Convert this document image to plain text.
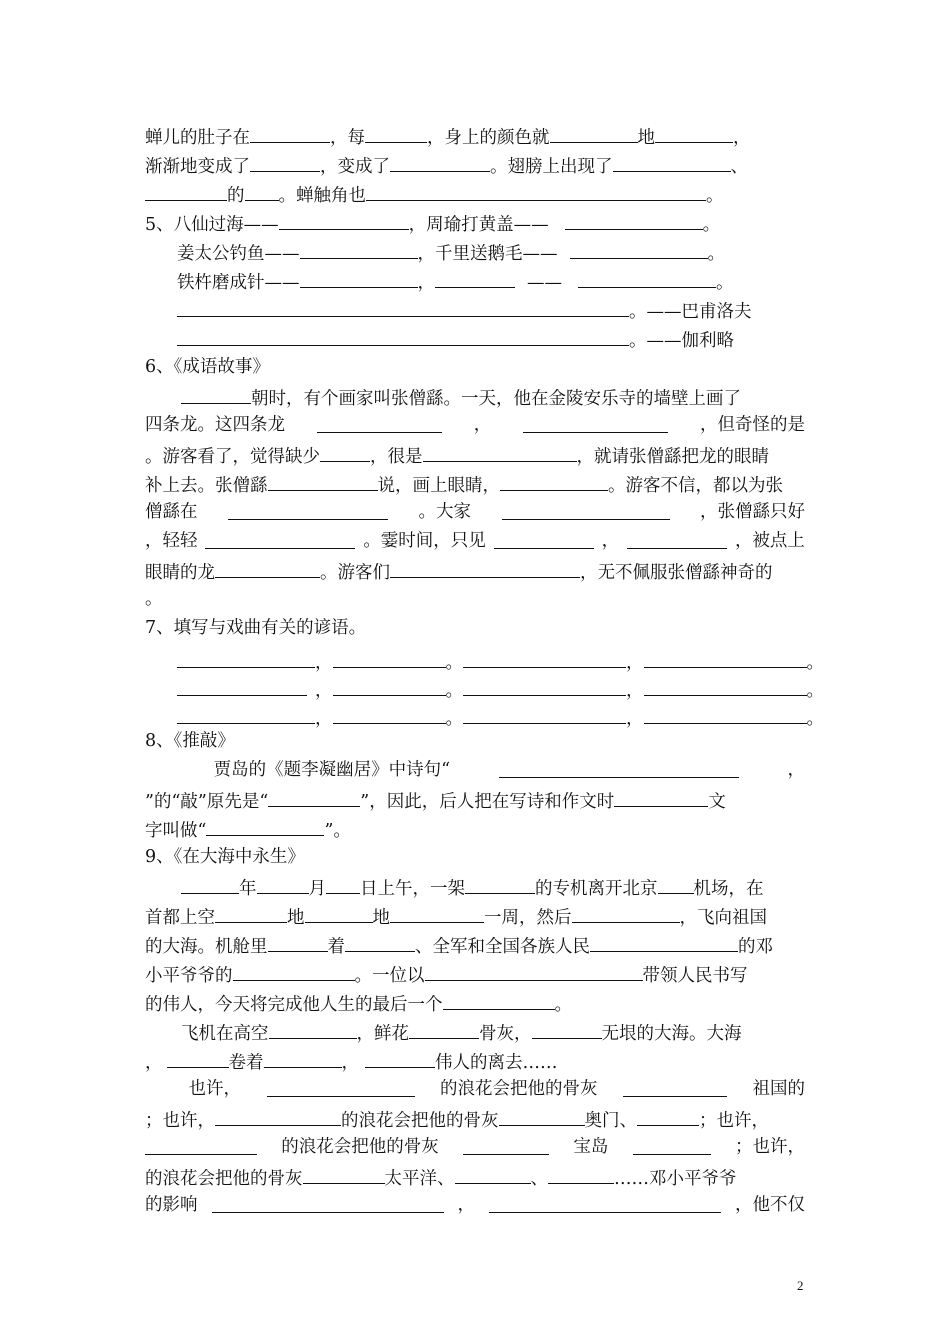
蝉儿的肚子在	，每	，身上的颜色就	地	，
渐渐地变成了	，变成了	。翅膀上出现了	、
的 。蝉触角也	。
5、八仙过海——	，周瑜打黄盖——	。
姜太公钓鱼——	，千里送鹅毛——	。
铁杵磨成针——	，	——	。
。——巴甫洛夫
。——伽利略
6、《成语故事》
朝时，有个画家叫张僧繇。一天，他在金陵安乐寺的墙壁上画了
四条龙。这四条龙	，	，但奇怪的是
。游客看了，觉得缺少	，很是	，就请张僧繇把龙的眼睛
补上去。张僧繇	说，画上眼睛，	。游客不信，都以为张
僧繇在	。大家	，张僧繇只好
，轻轻	。霎时间，只见	，	，被点上
眼睛的龙	。游客们	，无不佩服张僧繇神奇的
。
7、填写与戏曲有关的谚语。
，	。	，	。
，	。	，	。
，	。	，	。
8、《推敲》
贾岛的《题李凝幽居》中诗句“	，
”的“敲”原先是“	”，因此，后人把在写诗和作文时	文
字叫做“	”。
9、《在大海中永生》
年	月 日上午，一架	的专机离开北京 机场，在
首都上空	地	地	一周，然后	，飞向祖国
的大海。机舱里	着	、全军和全国各族人民	的邓
小平爷爷的	。一位以	带领人民书写
的伟人，今天将完成他人生的最后一个	。
飞机在高空	，鲜花	骨灰，	无垠的大海。大海
，	卷着	，	伟人的离去……
也许，	的浪花会把他的骨灰	祖国的
；也许，	的浪花会把他的骨灰	奥门、	；也许，
的浪花会把他的骨灰	宝岛	；也许，
的浪花会把他的骨灰	太平洋、	、	……邓小平爷爷
的影响	，	，他不仅
2
